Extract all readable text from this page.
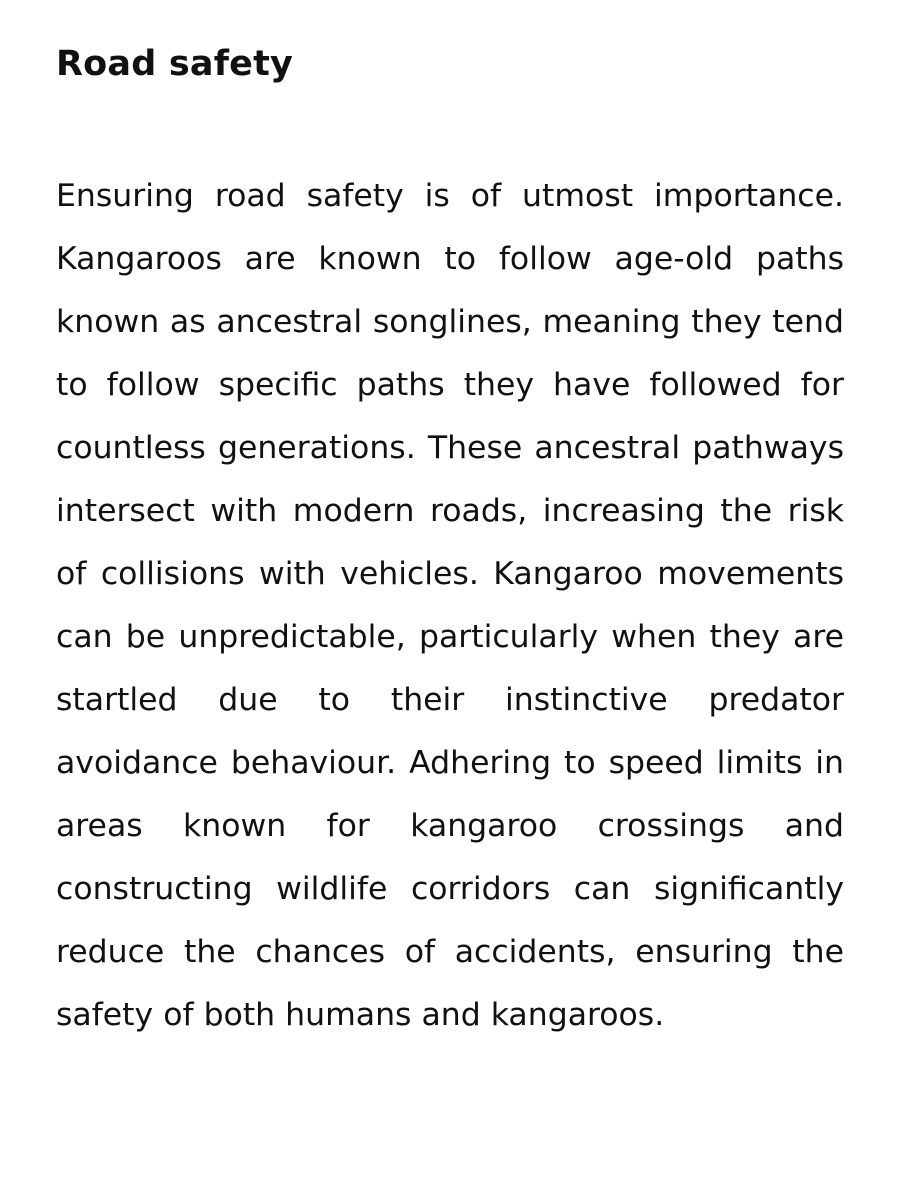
Road safety

Ensuring road safety is of utmost importance. Kangaroos are known to follow age-old paths known as ancestral songlines, meaning they tend to follow specific paths they have followed for countless generations. These ancestral pathways intersect with modern roads, increasing the risk of collisions with vehicles. Kangaroo movements can be unpredictable, particularly when they are startled due to their instinctive predator avoidance behaviour. Adhering to speed limits in areas known for kangaroo crossings and constructing wildlife corridors can significantly reduce the chances of accidents, ensuring the safety of both humans and kangaroos.
